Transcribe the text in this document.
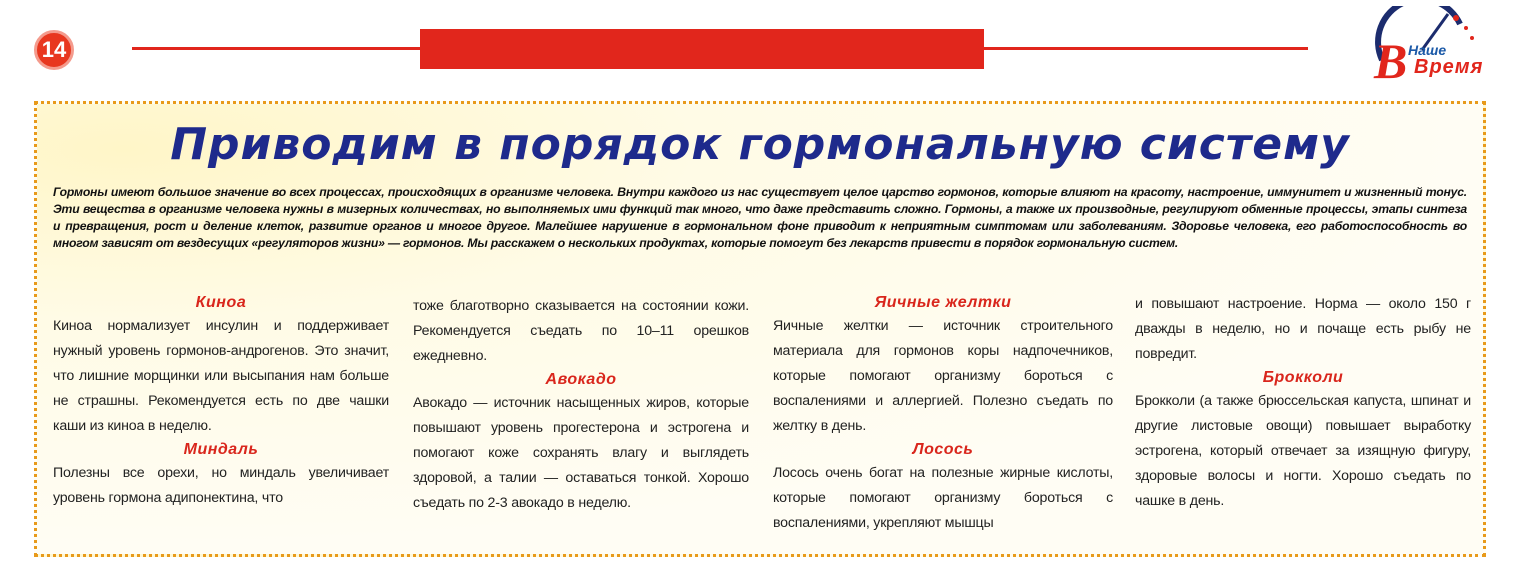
14	В Наше
Время
Приводим в порядок гормональную систему
Гормоны имеют большое значение во всех процессах, происходящих в организме человека. Внутри каждого из нас существует целое царство гормонов, которые влияют на красоту, настроение, иммунитет и жизненный тонус. Эти вещества в организме человека нужны в мизерных количествах, но выполняемых ими функций так много, что даже представить сложно. Гормоны, а также их производные, регулируют обменные процессы, этапы синтеза и превращения, рост и деление клеток, развитие органов и многое другое. Малейшее нарушение в гормональном фоне приводит к неприятным симптомам или заболеваниям. Здоровье человека, его работоспособность во многом зависят от вездесущих «регуляторов жизни» — гормонов. Мы расскажем о нескольких продуктах, которые помогут без лекарств привести в порядок гормональную систем.
Киноа
Киноа нормализует инсулин и поддерживает нужный уровень гормонов-андрогенов. Это значит, что лишние морщинки или высыпания нам больше не страшны. Рекомендуется есть по две чашки каши из киноа в неделю.
Миндаль
Полезны все орехи, но миндаль увеличивает уровень гормона адипонектина, что
тоже благотворно сказывается на состоянии кожи. Рекомендуется съедать по 10–11 орешков ежедневно.
Авокадо
Авокадо — источник насыщенных жиров, которые повышают уровень прогестерона и эстрогена и помогают коже сохранять влагу и выглядеть здоровой, а талии — оставаться тонкой. Хорошо съедать по 2-3 авокадо в неделю.
Яичные желтки
Яичные желтки — источник строительного материала для гормонов коры надпочечников, которые помогают организму бороться с воспалениями и аллергией. Полезно съедать по желтку в день.
Лосось
Лосось очень богат на полезные жирные кислоты, которые помогают организму бороться с воспалениями, укрепляют мышцы
и повышают настроение. Норма — около 150 г дважды в неделю, но и почаще есть рыбу не повредит.
Брокколи
Брокколи (а также брюссельская капуста, шпинат и другие листовые овощи) повышает выработку эстрогена, который отвечает за изящную фигуру, здоровые волосы и ногти. Хорошо съедать по чашке в день.
